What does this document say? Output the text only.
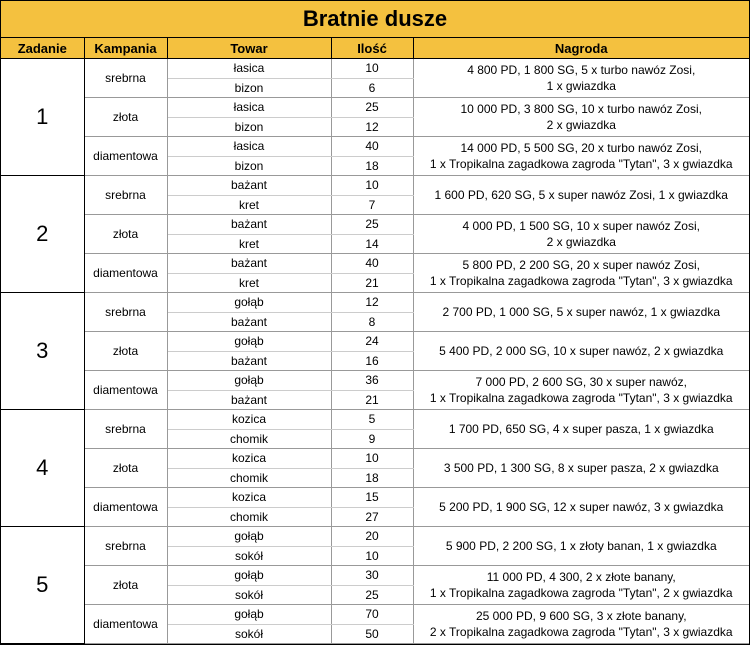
Bratnie dusze
Zadanie	Kampania	Towar	Ilość	Nagroda
1	srebrna	łasica	10	4 800 PD, 1 800 SG, 5 x turbo nawóz Zosi,
1 x gwiazdka

		bizon	6	
	złota	łasica	25	10 000 PD, 3 800 SG, 10 x turbo nawóz Zosi,
2 x gwiazdka

		bizon	12	
	diamentowa	łasica	40	14 000 PD, 5 500 SG, 20 x turbo nawóz Zosi,
1 x Tropikalna zagadkowa zagroda "Tytan", 3 x gwiazdka

		bizon	18	
2	srebrna	bażant	10	1 600 PD, 620 SG, 5 x super nawóz Zosi, 1 x gwiazdka

		kret	7	
	złota	bażant	25	4 000 PD, 1 500 SG, 10 x super nawóz Zosi,
2 x gwiazdka

		kret	14	
	diamentowa	bażant	40	5 800 PD, 2 200 SG, 20 x super nawóz Zosi,
1 x Tropikalna zagadkowa zagroda "Tytan", 3 x gwiazdka

		kret	21	
3	srebrna	gołąb	12	2 700 PD, 1 000 SG, 5 x super nawóz, 1 x gwiazdka

		bażant	8	
	złota	gołąb	24	5 400 PD, 2 000 SG, 10 x super nawóz, 2 x gwiazdka

		bażant	16	
	diamentowa	gołąb	36	7 000 PD, 2 600 SG, 30 x super nawóz,
1 x Tropikalna zagadkowa zagroda "Tytan", 3 x gwiazdka

		bażant	21	
4	srebrna	kozica	5	1 700 PD, 650 SG, 4 x super pasza, 1 x gwiazdka

		chomik	9	
	złota	kozica	10	3 500 PD, 1 300 SG, 8 x super pasza, 2 x gwiazdka

		chomik	18	
	diamentowa	kozica	15	5 200 PD, 1 900 SG, 12 x super nawóz, 3 x gwiazdka

		chomik	27	
5	srebrna	gołąb	20	5 900 PD, 2 200 SG, 1 x złoty banan, 1 x gwiazdka

		sokół	10	
	złota	gołąb	30	11 000 PD, 4 300, 2 x złote banany,
1 x Tropikalna zagadkowa zagroda "Tytan", 2 x gwiazdka

		sokół	25	
	diamentowa	gołąb	70	25 000 PD, 9 600 SG, 3 x złote banany,
2 x Tropikalna zagadkowa zagroda "Tytan", 3 x gwiazdka

		sokół	50	
